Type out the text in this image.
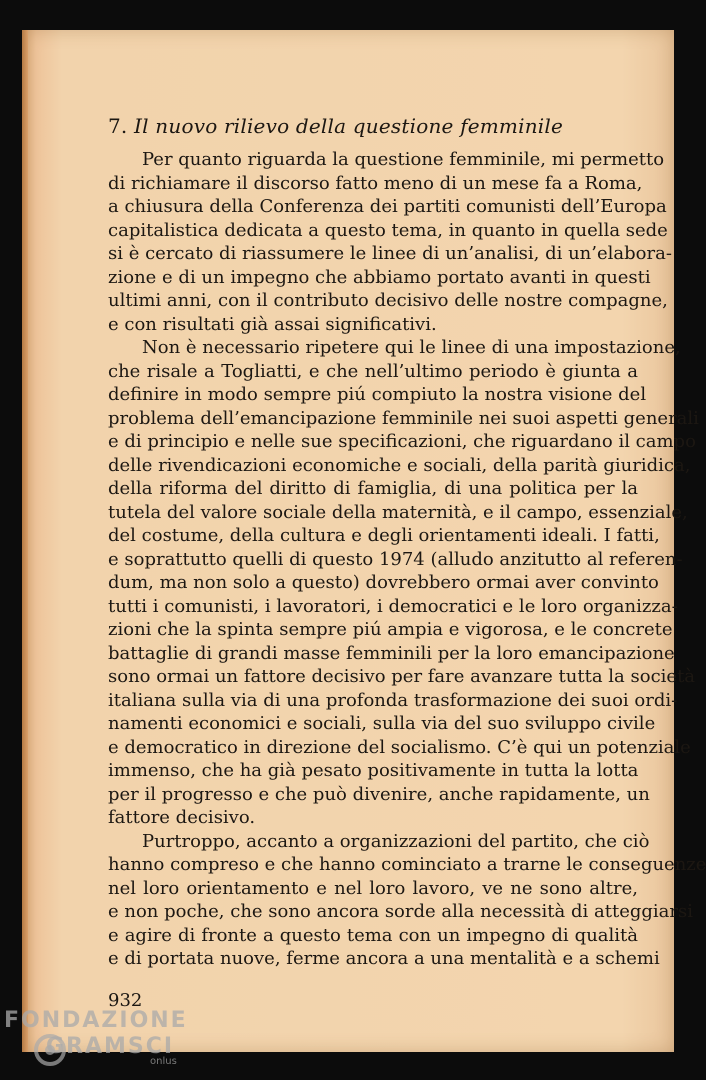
7. Il nuovo rilievo della questione femminile
Per quanto riguarda la questione femminile, mi permetto
di richiamare il discorso fatto meno di un mese fa a Roma,
a chiusura della Conferenza dei partiti comunisti dell’Europa
capitalistica dedicata a questo tema, in quanto in quella sede
si è cercato di riassumere le linee di un’analisi, di un’elabora-
zione e di un impegno che abbiamo portato avanti in questi
ultimi anni, con il contributo decisivo delle nostre compagne,
e con risultati già assai significativi.
Non è necessario ripetere qui le linee di una impostazione,
che risale a Togliatti, e che nell’ultimo periodo è giunta a
definire in modo sempre piú compiuto la nostra visione del
problema dell’emancipazione femminile nei suoi aspetti generali
e di principio e nelle sue specificazioni, che riguardano il campo
delle rivendicazioni economiche e sociali, della parità giuridica,
della riforma del diritto di famiglia, di una politica per la
tutela del valore sociale della maternità, e il campo, essenziale,
del costume, della cultura e degli orientamenti ideali. I fatti,
e soprattutto quelli di questo 1974 (alludo anzitutto al referen-
dum, ma non solo a questo) dovrebbero ormai aver convinto
tutti i comunisti, i lavoratori, i democratici e le loro organizza-
zioni che la spinta sempre piú ampia e vigorosa, e le concrete
battaglie di grandi masse femminili per la loro emancipazione
sono ormai un fattore decisivo per fare avanzare tutta la società
italiana sulla via di una profonda trasformazione dei suoi ordi-
namenti economici e sociali, sulla via del suo sviluppo civile
e democratico in direzione del socialismo. C’è qui un potenziale
immenso, che ha già pesato positivamente in tutta la lotta
per il progresso e che può divenire, anche rapidamente, un
fattore decisivo.
Purtroppo, accanto a organizzazioni del partito, che ciò
hanno compreso e che hanno cominciato a trarne le conseguenze
nel loro orientamento e nel loro lavoro, ve ne sono altre,
e non poche, che sono ancora sorde alla necessità di atteggiarsi
e agire di fronte a questo tema con un impegno di qualità
e di portata nuove, ferme ancora a una mentalità e a schemi
932
FONDAZIONE
GRAMSCI
onlus
